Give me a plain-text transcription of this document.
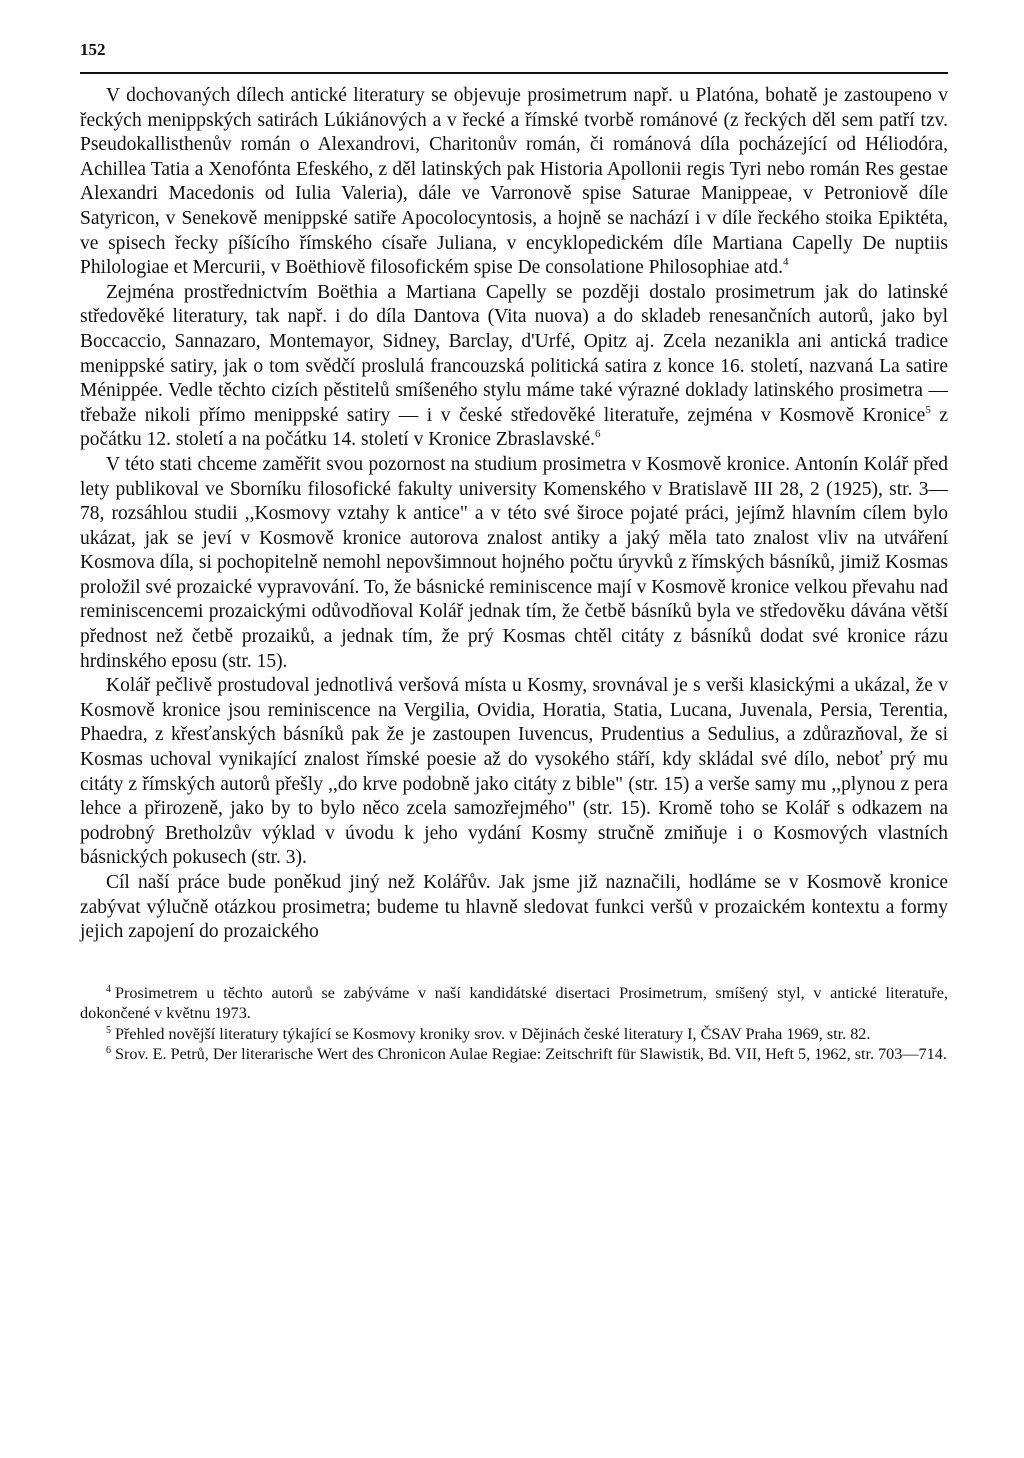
152

V dochovaných dílech antické literatury se objevuje prosimetrum např. u Platóna, bohatě je zastoupeno v řeckých menippských satirách Lúkiánových a v řecké a římské tvorbě románové (z řeckých děl sem patří tzv. Pseudokallisthenův román o Alexandrovi, Charitonův román, či románová díla pocházející od Héliodóra, Achillea Tatia a Xenofónta Efeského, z děl latinských pak Historia Apollonii regis Tyri nebo román Res gestae Alexandri Macedonis od Iulia Valeria), dále ve Varronově spise Saturae Manippeae, v Petroniově díle Satyricon, v Senekově menippské satiře Apocolocyntosis, a hojně se nachází i v díle řeckého stoika Epiktéta, ve spisech řecky píšícího římského císaře Juliana, v encyklopedickém díle Martiana Capelly De nuptiis Philologiae et Mercurii, v Boëthiově filosofickém spise De consolatione Philosophiae atd.$^4$

Zejména prostřednictvím Boëthia a Martiana Capelly se později dostalo prosimetrum jak do latinské středověké literatury, tak např. i do díla Dantova (Vita nuova) a do skladeb renesančních autorů, jako byl Boccaccio, Sannazaro, Montemayor, Sidney, Barclay, d'Urfé, Opitz aj. Zcela nezanikla ani antická tradice menippské satiry, jak o tom svědčí proslulá francouzská politická satira z konce 16. století, nazvaná La satire Ménippée. Vedle těchto cizích pěstitelů smíšeného stylu máme také výrazné doklady latinského prosimetra — třebaže nikoli přímo menippské satiry — i v české středověké literatuře, zejména v Kosmově Kronice$^5$ z počátku 12. století a na počátku 14. století v Kronice Zbraslavské.$^6$

V této stati chceme zaměřit svou pozornost na studium prosimetra v Kosmově kronice. Antonín Kolář před lety publikoval ve Sborníku filosofické fakulty university Komenského v Bratislavě III 28, 2 (1925), str. 3—78, rozsáhlou studii ,,Kosmovy vztahy k antice" a v této své široce pojaté práci, jejímž hlavním cílem bylo ukázat, jak se jeví v Kosmově kronice autorova znalost antiky a jaký měla tato znalost vliv na utváření Kosmova díla, si pochopitelně nemohl nepovšimnout hojného počtu úryvků z římských básníků, jimiž Kosmas proložil své prozaické vypravování. To, že básnické reminiscence mají v Kosmově kronice velkou převahu nad reminiscencemi prozaickými odůvodňoval Kolář jednak tím, že četbě básníků byla ve středověku dávána větší přednost než četbě prozaiků, a jednak tím, že prý Kosmas chtěl citáty z básníků dodat své kronice rázu hrdinského eposu (str. 15).

Kolář pečlivě prostudoval jednotlivá veršová místa u Kosmy, srovnával je s verši klasickými a ukázal, že v Kosmově kronice jsou reminiscence na Vergilia, Ovidia, Horatia, Statia, Lucana, Juvenala, Persia, Terentia, Phaedra, z křesťanských básníků pak že je zastoupen Iuvencus, Prudentius a Sedulius, a zdůrazňoval, že si Kosmas uchoval vynikající znalost římské poesie až do vysokého stáří, kdy skládal své dílo, neboť prý mu citáty z římských autorů přešly ,,do krve podobně jako citáty z bible" (str. 15) a verše samy mu ,,plynou z pera lehce a přirozeně, jako by to bylo něco zcela samozřejmého" (str. 15). Kromě toho se Kolář s odkazem na podrobný Bretholzův výklad v úvodu k jeho vydání Kosmy stručně zmiňuje i o Kosmových vlastních básnických pokusech (str. 3).

Cíl naší práce bude poněkud jiný než Kolářův. Jak jsme již naznačili, hodláme se v Kosmově kronice zabývat výlučně otázkou prosimetra; budeme tu hlavně sledovat funkci veršů v prozaickém kontextu a formy jejich zapojení do prozaického

$^4$ Prosimetrem u těchto autorů se zabýváme v naší kandidátské disertaci Prosimetrum, smíšený styl, v antické literatuře, dokončené v květnu 1973.

$^5$ Přehled novější literatury týkající se Kosmovy kroniky srov. v Dějinách české literatury I, ČSAV Praha 1969, str. 82.

$^6$ Srov. E. Petrů, Der literarische Wert des Chronicon Aulae Regiae: Zeitschrift für Slawistik, Bd. VII, Heft 5, 1962, str. 703—714.
